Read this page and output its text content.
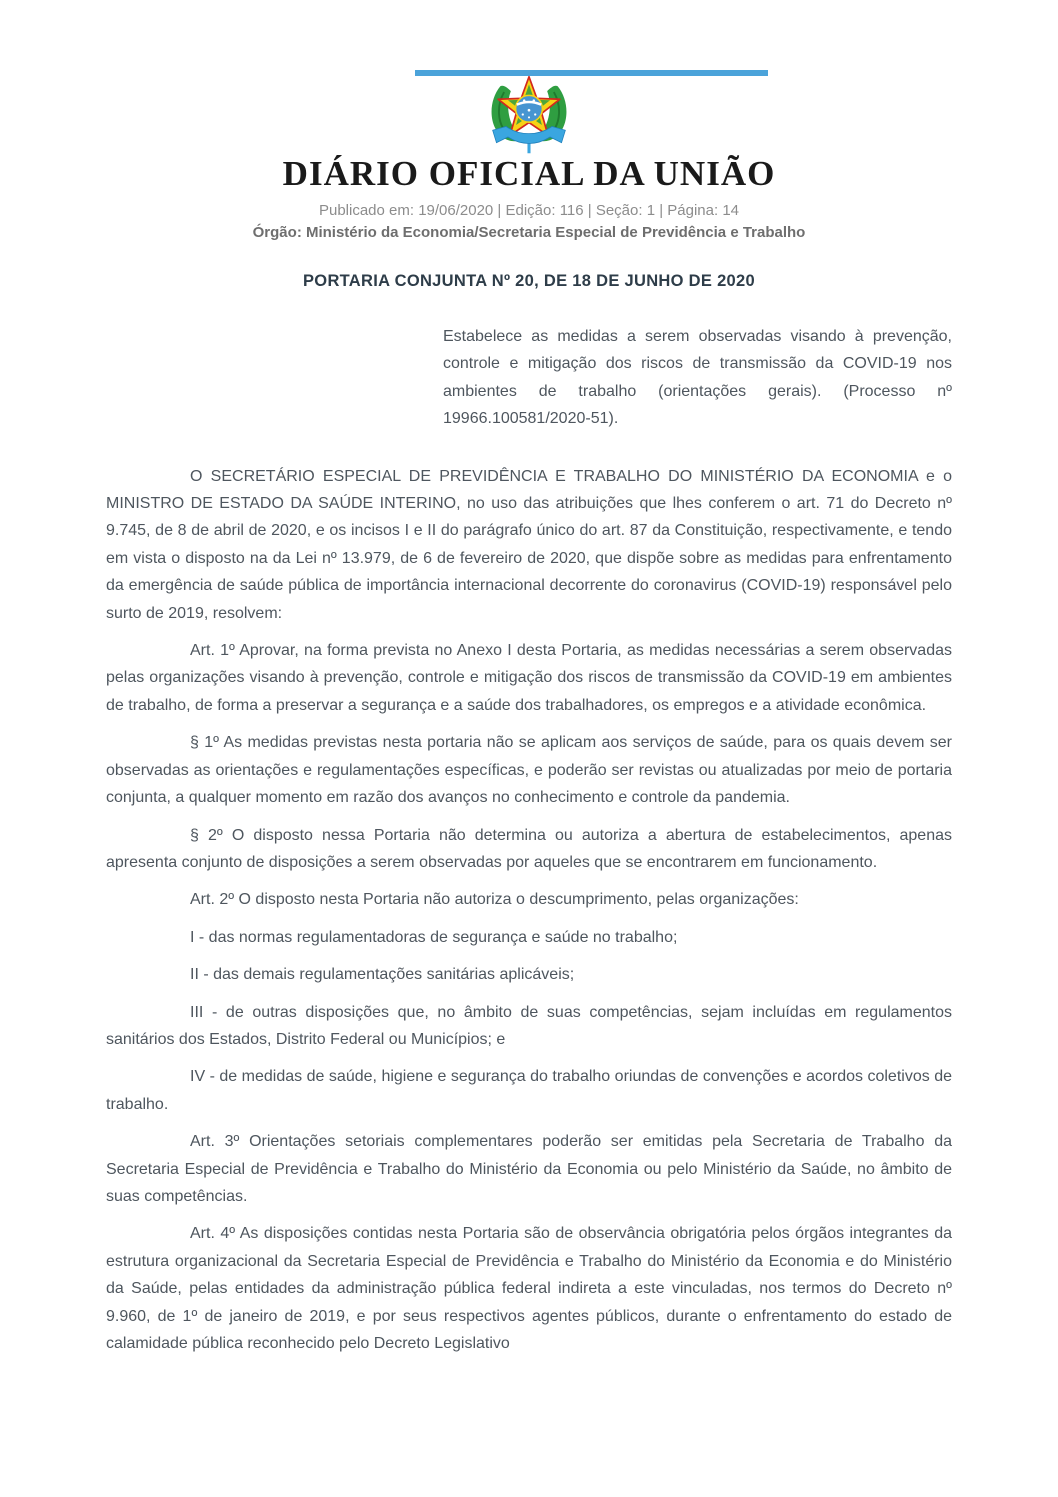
DIÁRIO OFICIAL DA UNIÃO
Publicado em: 19/06/2020 | Edição: 116 | Seção: 1 | Página: 14
Órgão: Ministério da Economia/Secretaria Especial de Previdência e Trabalho
PORTARIA CONJUNTA Nº 20, DE 18 DE JUNHO DE 2020
Estabelece as medidas a serem observadas visando à prevenção, controle e mitigação dos riscos de transmissão da COVID-19 nos ambientes de trabalho (orientações gerais). (Processo nº 19966.100581/2020-51).

O SECRETÁRIO ESPECIAL DE PREVIDÊNCIA E TRABALHO DO MINISTÉRIO DA ECONOMIA e o MINISTRO DE ESTADO DA SAÚDE INTERINO, no uso das atribuições que lhes conferem o art. 71 do Decreto nº 9.745, de 8 de abril de 2020, e os incisos I e II do parágrafo único do art. 87 da Constituição, respectivamente, e tendo em vista o disposto na da Lei nº 13.979, de 6 de fevereiro de 2020, que dispõe sobre as medidas para enfrentamento da emergência de saúde pública de importância internacional decorrente do coronavirus (COVID-19) responsável pelo surto de 2019, resolvem:

Art. 1º Aprovar, na forma prevista no Anexo I desta Portaria, as medidas necessárias a serem observadas pelas organizações visando à prevenção, controle e mitigação dos riscos de transmissão da COVID-19 em ambientes de trabalho, de forma a preservar a segurança e a saúde dos trabalhadores, os empregos e a atividade econômica.

§ 1º As medidas previstas nesta portaria não se aplicam aos serviços de saúde, para os quais devem ser observadas as orientações e regulamentações específicas, e poderão ser revistas ou atualizadas por meio de portaria conjunta, a qualquer momento em razão dos avanços no conhecimento e controle da pandemia.

§ 2º O disposto nessa Portaria não determina ou autoriza a abertura de estabelecimentos, apenas apresenta conjunto de disposições a serem observadas por aqueles que se encontrarem em funcionamento.

Art. 2º O disposto nesta Portaria não autoriza o descumprimento, pelas organizações:

I - das normas regulamentadoras de segurança e saúde no trabalho;

II - das demais regulamentações sanitárias aplicáveis;

III - de outras disposições que, no âmbito de suas competências, sejam incluídas em regulamentos sanitários dos Estados, Distrito Federal ou Municípios; e

IV - de medidas de saúde, higiene e segurança do trabalho oriundas de convenções e acordos coletivos de trabalho.

Art. 3º Orientações setoriais complementares poderão ser emitidas pela Secretaria de Trabalho da Secretaria Especial de Previdência e Trabalho do Ministério da Economia ou pelo Ministério da Saúde, no âmbito de suas competências.

Art. 4º As disposições contidas nesta Portaria são de observância obrigatória pelos órgãos integrantes da estrutura organizacional da Secretaria Especial de Previdência e Trabalho do Ministério da Economia e do Ministério da Saúde, pelas entidades da administração pública federal indireta a este vinculadas, nos termos do Decreto nº 9.960, de 1º de janeiro de 2019, e por seus respectivos agentes públicos, durante o enfrentamento do estado de calamidade pública reconhecido pelo Decreto Legislativo
